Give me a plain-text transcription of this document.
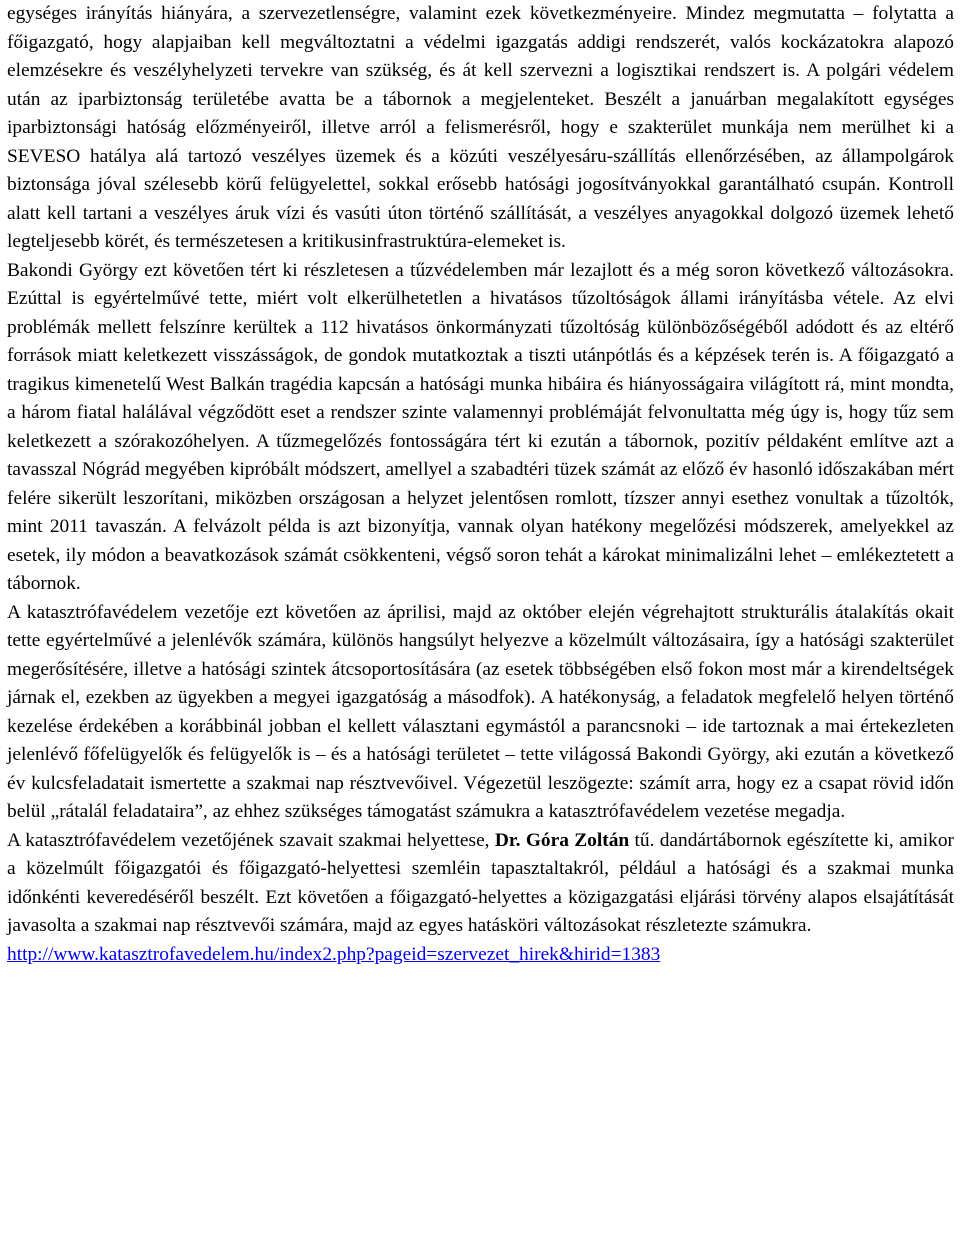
egységes irányítás hiányára, a szervezetlenségre, valamint ezek következményeire. Mindez megmutatta – folytatta a főigazgató, hogy alapjaiban kell megváltoztatni a védelmi igazgatás addigi rendszerét, valós kockázatokra alapozó elemzésekre és veszélyhelyzeti tervekre van szükség, és át kell szervezni a logisztikai rendszert is. A polgári védelem után az iparbiztonság területébe avatta be a tábornok a megjelenteket. Beszélt a januárban megalakított egységes iparbiztonsági hatóság előzményeiről, illetve arról a felismerésről, hogy e szakterület munkája nem merülhet ki a SEVESO hatálya alá tartozó veszélyes üzemek és a közúti veszélyesáru-szállítás ellenőrzésében, az állampolgárok biztonsága jóval szélesebb körű felügyelettel, sokkal erősebb hatósági jogosítványokkal garantálható csupán. Kontroll alatt kell tartani a veszélyes áruk vízi és vasúti úton történő szállítását, a veszélyes anyagokkal dolgozó üzemek lehető legteljesebb körét, és természetesen a kritikusinfrastruktúra-elemeket is.

Bakondi György ezt követően tért ki részletesen a tűzvédelemben már lezajlott és a még soron következő változásokra. Ezúttal is egyértelművé tette, miért volt elkerülhetetlen a hivatásos tűzoltóságok állami irányításba vétele. Az elvi problémák mellett felszínre kerültek a 112 hivatásos önkormányzati tűzoltóság különbözőségéből adódott és az eltérő források miatt keletkezett visszásságok, de gondok mutatkoztak a tiszti utánpótlás és a képzések terén is. A főigazgató a tragikus kimenetelű West Balkán tragédia kapcsán a hatósági munka hibáira és hiányosságaira világított rá, mint mondta, a három fiatal halálával végződött eset a rendszer szinte valamennyi problémáját felvonultatta még úgy is, hogy tűz sem keletkezett a szórakozóhelyen. A tűzmegelőzés fontosságára tért ki ezután a tábornok, pozitív példaként említve azt a tavasszal Nógrád megyében kipróbált módszert, amellyel a szabadtéri tüzek számát az előző év hasonló időszakában mért felére sikerült leszorítani, miközben országosan a helyzet jelentősen romlott, tízszer annyi esethez vonultak a tűzoltók, mint 2011 tavaszán. A felvázolt példa is azt bizonyítja, vannak olyan hatékony megelőzési módszerek, amelyekkel az esetek, ily módon a beavatkozások számát csökkenteni, végső soron tehát a károkat minimalizálni lehet – emlékeztetett a tábornok.

A katasztrófavédelem vezetője ezt követően az áprilisi, majd az október elején végrehajtott strukturális átalakítás okait tette egyértelművé a jelenlévők számára, különös hangsúlyt helyezve a közelmúlt változásaira, így a hatósági szakterület megerősítésére, illetve a hatósági szintek átcsoportosítására (az esetek többségében első fokon most már a kirendeltségek járnak el, ezekben az ügyekben a megyei igazgatóság a másodfok). A hatékonyság, a feladatok megfelelő helyen történő kezelése érdekében a korábbinál jobban el kellett választani egymástól a parancsnoki – ide tartoznak a mai értekezleten jelenlévő főfelügyelők és felügyelők is – és a hatósági területet – tette világossá Bakondi György, aki ezután a következő év kulcsfeladatait ismertette a szakmai nap résztvevőivel. Végezetül leszögezte: számít arra, hogy ez a csapat rövid időn belül „rátalál feladataira”, az ehhez szükséges támogatást számukra a katasztrófavédelem vezetése megadja.

A katasztrófavédelem vezetőjének szavait szakmai helyettese, Dr. Góra Zoltán tű. dandártábornok egészítette ki, amikor a közelmúlt főigazgatói és főigazgató-helyettesi szemléin tapasztaltakról, például a hatósági és a szakmai munka időnkénti keveredéséről beszélt. Ezt követően a főigazgató-helyettes a közigazgatási eljárási törvény alapos elsajátítását javasolta a szakmai nap résztvevői számára, majd az egyes hatásköri változásokat részletezte számukra.

http://www.katasztrofavedelem.hu/index2.php?pageid=szervezet_hirek&hirid=1383
